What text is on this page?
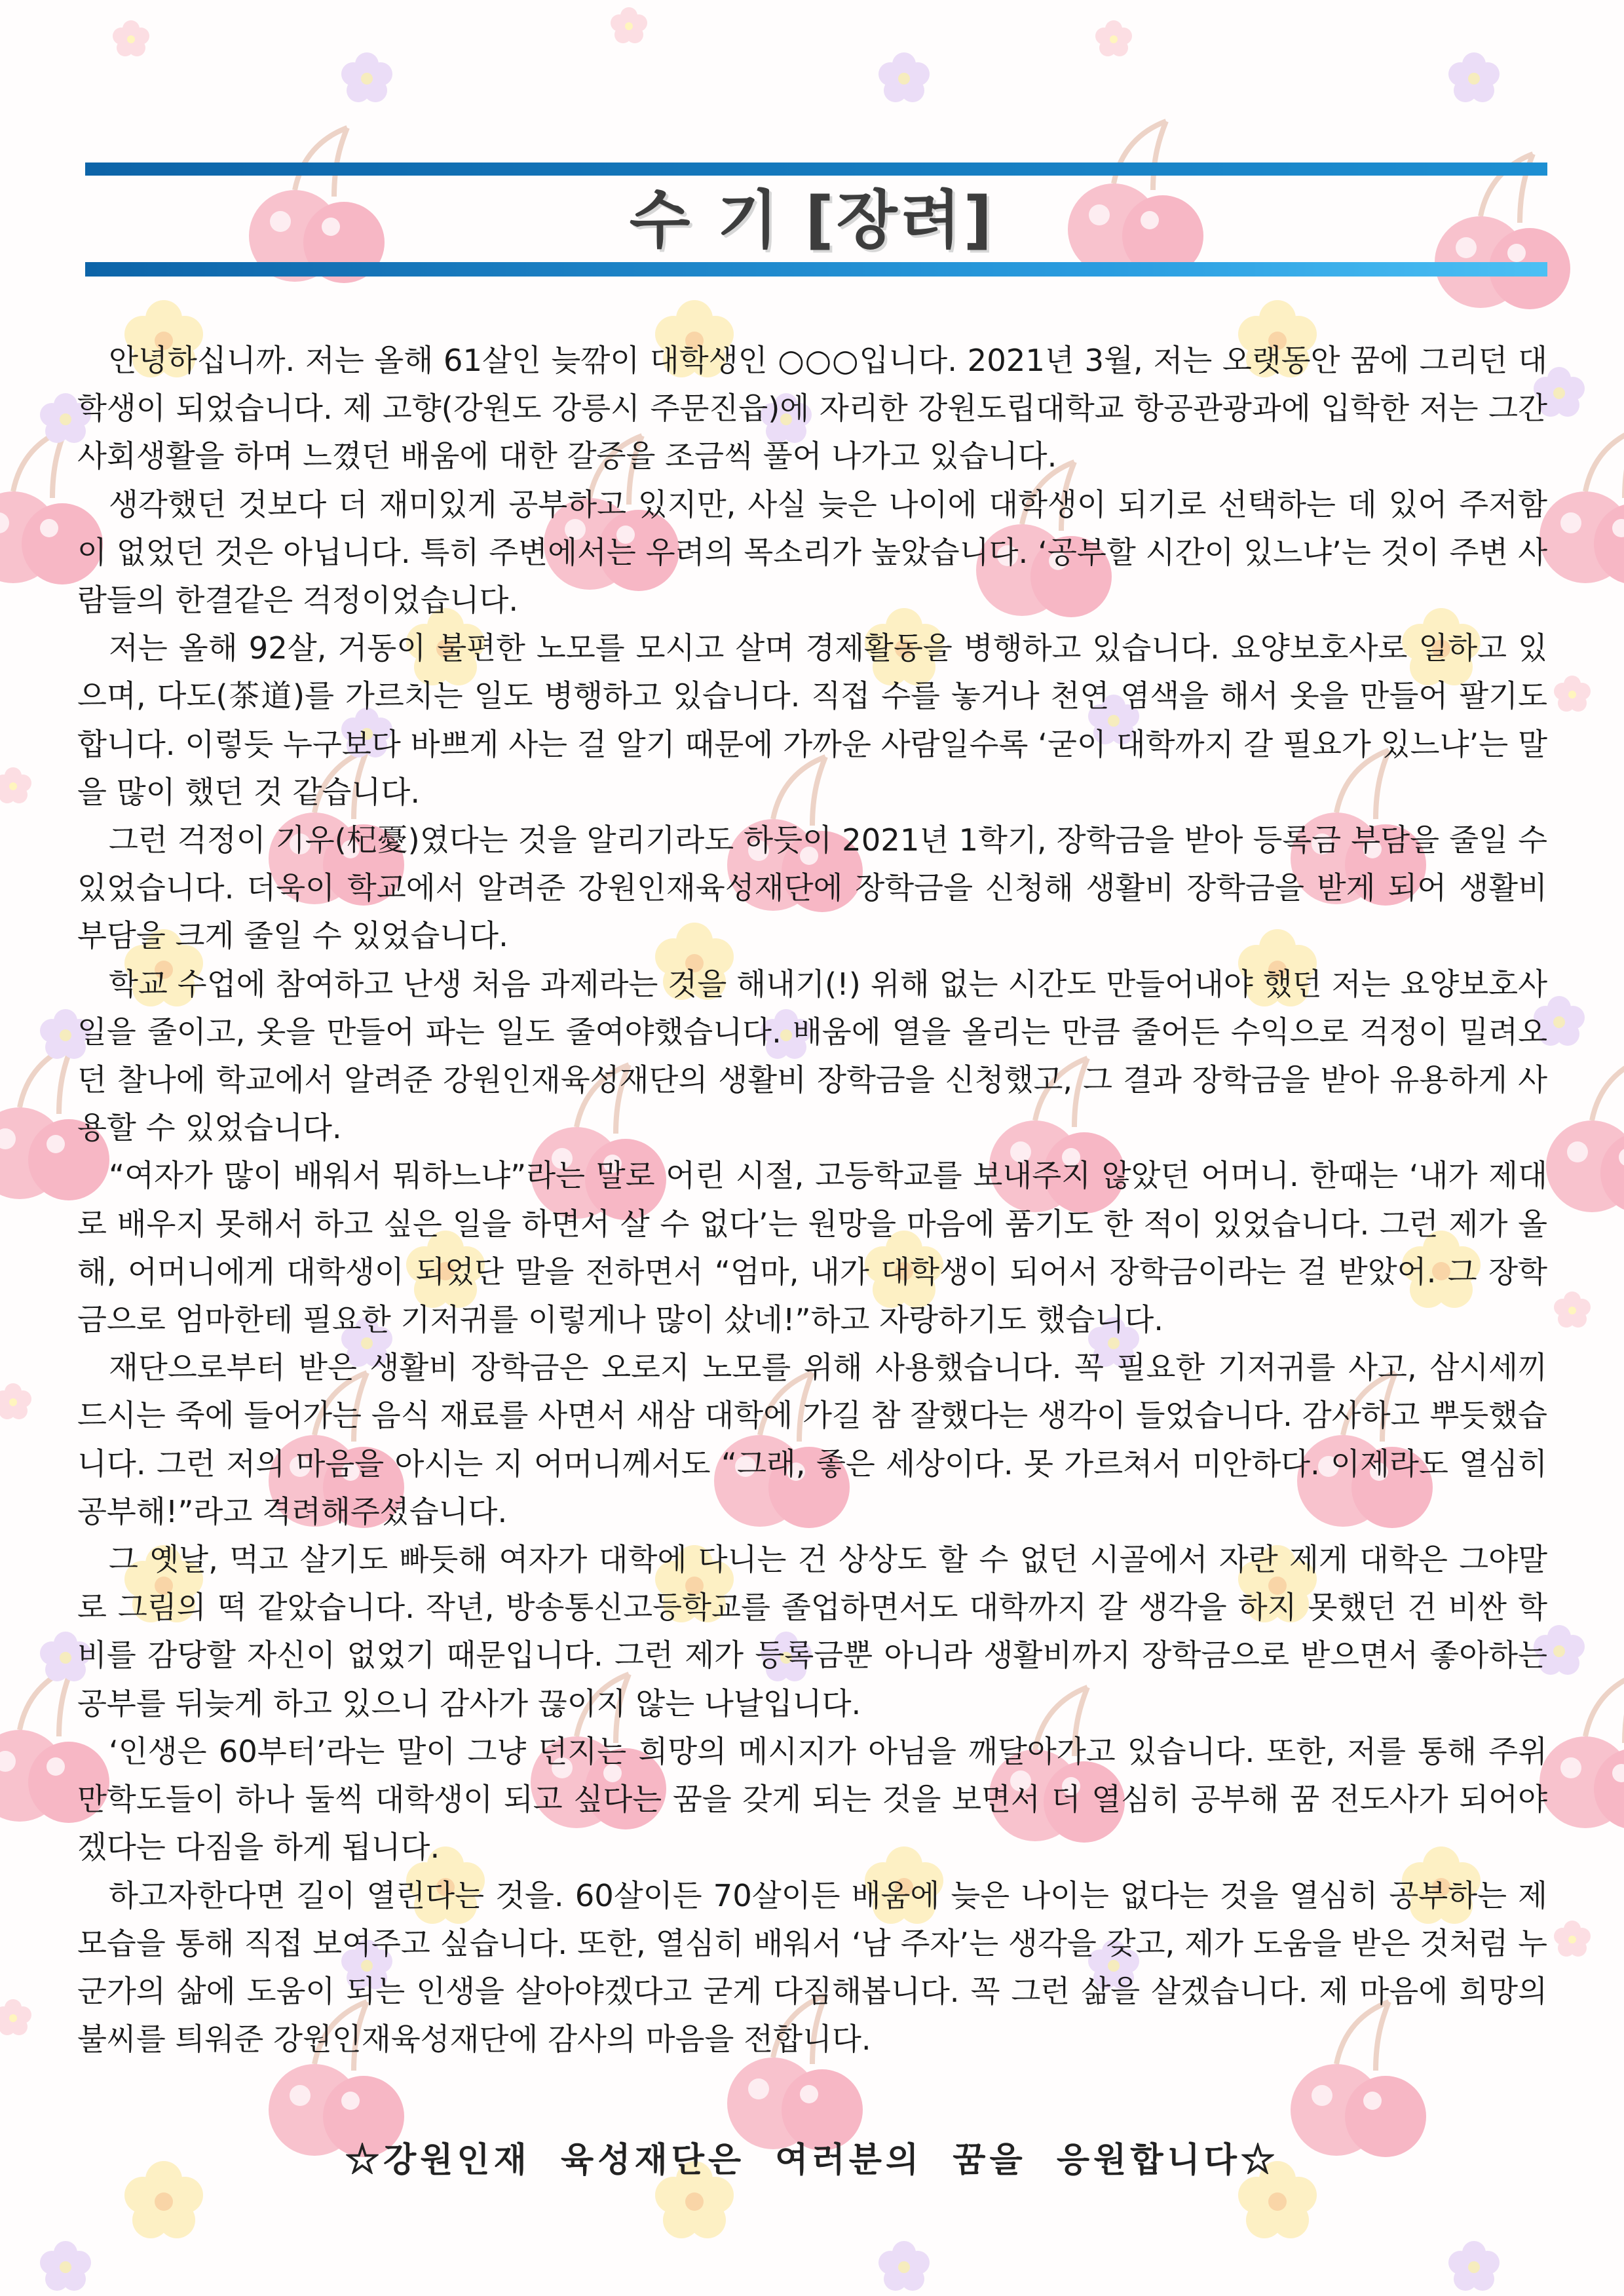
수 기 [장려]

안녕하십니까. 저는 올해 61살인 늦깎이 대학생인 ○○○입니다. 2021년 3월, 저는 오랫동안 꿈에 그리던 대학생이 되었습니다. 제 고향(강원도 강릉시 주문진읍)에 자리한 강원도립대학교 항공관광과에 입학한 저는 그간 사회생활을 하며 느꼈던 배움에 대한 갈증을 조금씩 풀어 나가고 있습니다.

생각했던 것보다 더 재미있게 공부하고 있지만, 사실 늦은 나이에 대학생이 되기로 선택하는 데 있어 주저함이 없었던 것은 아닙니다. 특히 주변에서는 우려의 목소리가 높았습니다. ‘공부할 시간이 있느냐’는 것이 주변 사람들의 한결같은 걱정이었습니다.

저는 올해 92살, 거동이 불편한 노모를 모시고 살며 경제활동을 병행하고 있습니다. 요양보호사로 일하고 있으며, 다도(茶道)를 가르치는 일도 병행하고 있습니다. 직접 수를 놓거나 천연 염색을 해서 옷을 만들어 팔기도 합니다. 이렇듯 누구보다 바쁘게 사는 걸 알기 때문에 가까운 사람일수록 ‘굳이 대학까지 갈 필요가 있느냐’는 말을 많이 했던 것 같습니다.

그런 걱정이 기우(杞憂)였다는 것을 알리기라도 하듯이 2021년 1학기, 장학금을 받아 등록금 부담을 줄일 수 있었습니다. 더욱이 학교에서 알려준 강원인재육성재단에 장학금을 신청해 생활비 장학금을 받게 되어 생활비 부담을 크게 줄일 수 있었습니다.

학교 수업에 참여하고 난생 처음 과제라는 것을 해내기(!) 위해 없는 시간도 만들어내야 했던 저는 요양보호사 일을 줄이고, 옷을 만들어 파는 일도 줄여야했습니다. 배움에 열을 올리는 만큼 줄어든 수익으로 걱정이 밀려오던 찰나에 학교에서 알려준 강원인재육성재단의 생활비 장학금을 신청했고, 그 결과 장학금을 받아 유용하게 사용할 수 있었습니다.

“여자가 많이 배워서 뭐하느냐”라는 말로 어린 시절, 고등학교를 보내주지 않았던 어머니. 한때는 ‘내가 제대로 배우지 못해서 하고 싶은 일을 하면서 살 수 없다’는 원망을 마음에 품기도 한 적이 있었습니다. 그런 제가 올해, 어머니에게 대학생이 되었단 말을 전하면서 “엄마, 내가 대학생이 되어서 장학금이라는 걸 받았어. 그 장학금으로 엄마한테 필요한 기저귀를 이렇게나 많이 샀네!”하고 자랑하기도 했습니다.

재단으로부터 받은 생활비 장학금은 오로지 노모를 위해 사용했습니다. 꼭 필요한 기저귀를 사고, 삼시세끼 드시는 죽에 들어가는 음식 재료를 사면서 새삼 대학에 가길 참 잘했다는 생각이 들었습니다. 감사하고 뿌듯했습니다. 그런 저의 마음을 아시는 지 어머니께서도 “그래, 좋은 세상이다. 못 가르쳐서 미안하다. 이제라도 열심히 공부해!”라고 격려해주셨습니다.

그 옛날, 먹고 살기도 빠듯해 여자가 대학에 다니는 건 상상도 할 수 없던 시골에서 자란 제게 대학은 그야말로 그림의 떡 같았습니다. 작년, 방송통신고등학교를 졸업하면서도 대학까지 갈 생각을 하지 못했던 건 비싼 학비를 감당할 자신이 없었기 때문입니다. 그런 제가 등록금뿐 아니라 생활비까지 장학금으로 받으면서 좋아하는 공부를 뒤늦게 하고 있으니 감사가 끊이지 않는 나날입니다.

‘인생은 60부터’라는 말이 그냥 던지는 희망의 메시지가 아님을 깨달아가고 있습니다. 또한, 저를 통해 주위 만학도들이 하나 둘씩 대학생이 되고 싶다는 꿈을 갖게 되는 것을 보면서 더 열심히 공부해 꿈 전도사가 되어야겠다는 다짐을 하게 됩니다.

하고자한다면 길이 열린다는 것을. 60살이든 70살이든 배움에 늦은 나이는 없다는 것을 열심히 공부하는 제 모습을 통해 직접 보여주고 싶습니다. 또한, 열심히 배워서 ‘남 주자’는 생각을 갖고, 제가 도움을 받은 것처럼 누군가의 삶에 도움이 되는 인생을 살아야겠다고 굳게 다짐해봅니다. 꼭 그런 삶을 살겠습니다. 제 마음에 희망의 불씨를 틔워준 강원인재육성재단에 감사의 마음을 전합니다.

☆강원인재 육성재단은 여러분의 꿈을 응원합니다☆
